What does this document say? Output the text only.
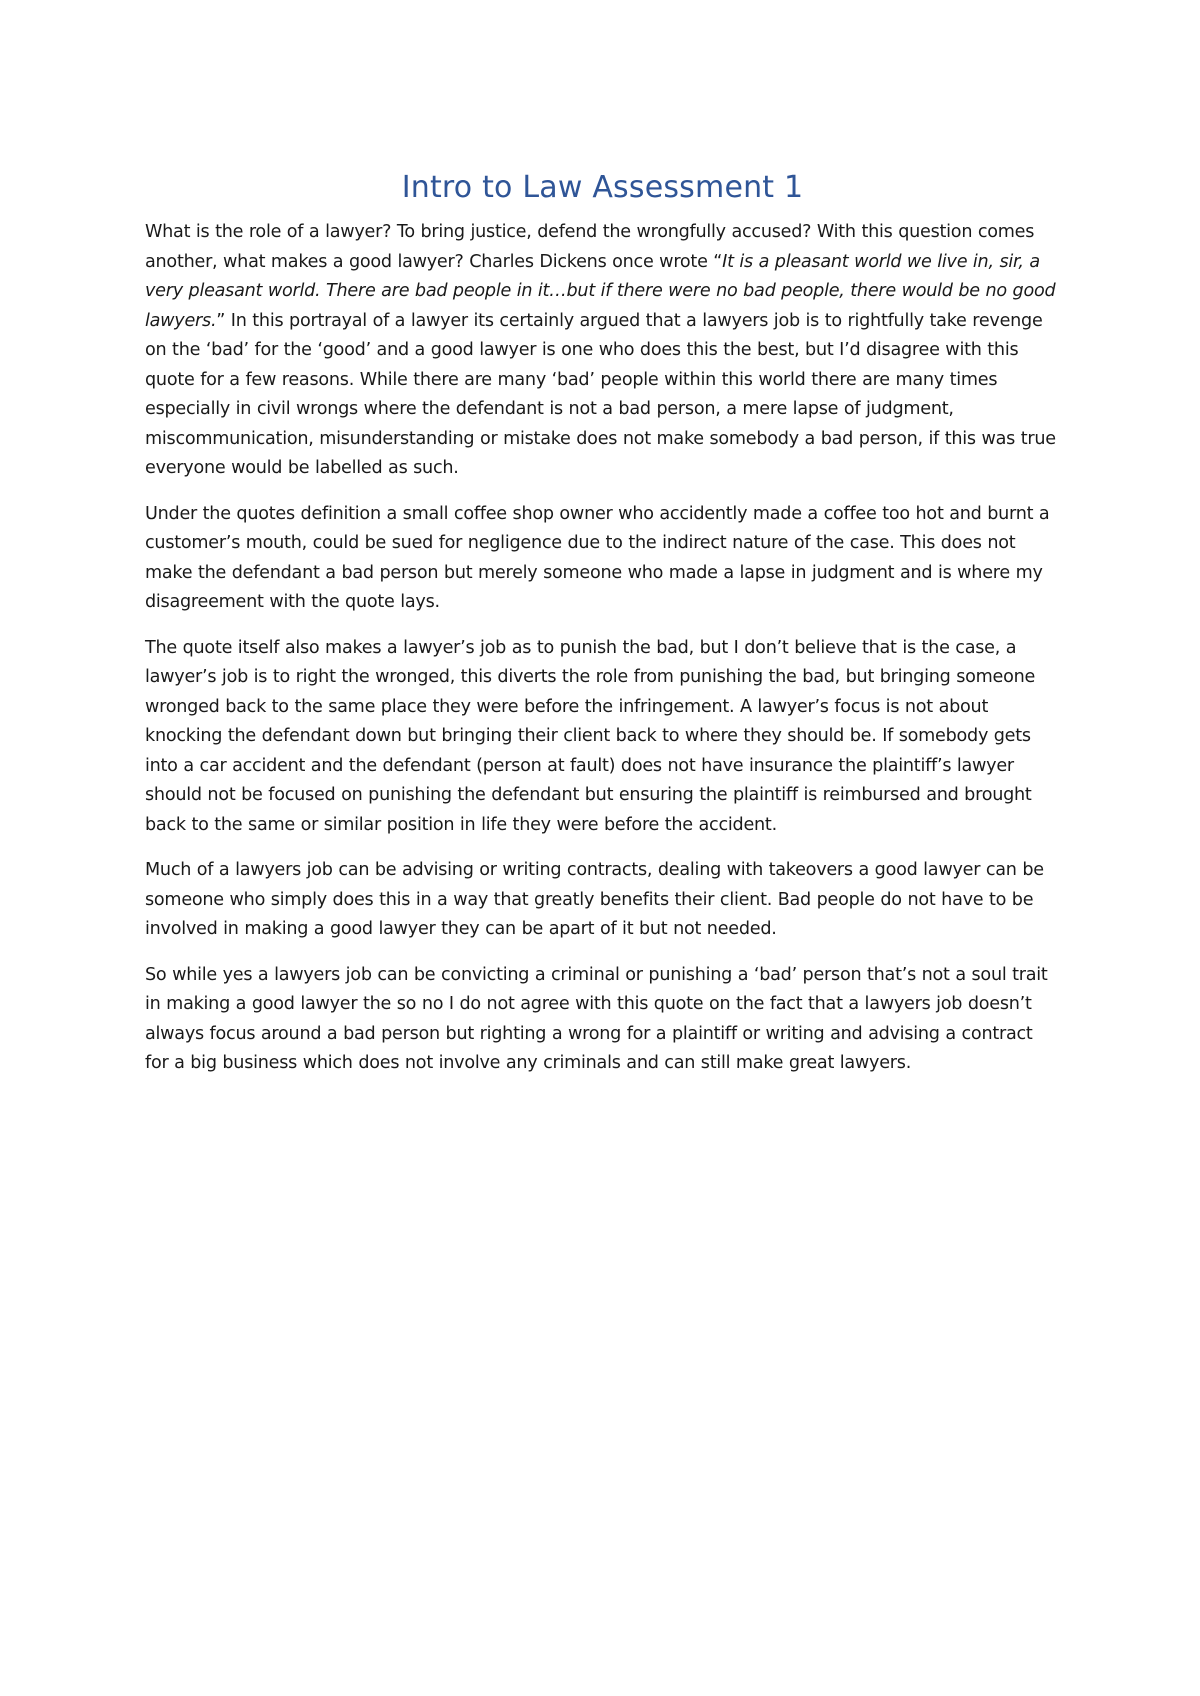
Intro to Law Assessment 1

What is the role of a lawyer? To bring justice, defend the wrongfully accused? With this question comes another, what makes a good lawyer? Charles Dickens once wrote “It is a pleasant world we live in, sir, a very pleasant world. There are bad people in it…but if there were no bad people, there would be no good lawyers.” In this portrayal of a lawyer its certainly argued that a lawyers job is to rightfully take revenge on the ‘bad’ for the ‘good’ and a good lawyer is one who does this the best, but I’d disagree with this quote for a few reasons. While there are many ‘bad’ people within this world there are many times especially in civil wrongs where the defendant is not a bad person, a mere lapse of judgment, miscommunication, misunderstanding or mistake does not make somebody a bad person, if this was true everyone would be labelled as such.

Under the quotes definition a small coffee shop owner who accidently made a coffee too hot and burnt a customer’s mouth, could be sued for negligence due to the indirect nature of the case. This does not make the defendant a bad person but merely someone who made a lapse in judgment and is where my disagreement with the quote lays.

The quote itself also makes a lawyer’s job as to punish the bad, but I don’t believe that is the case, a lawyer’s job is to right the wronged, this diverts the role from punishing the bad, but bringing someone wronged back to the same place they were before the infringement. A lawyer’s focus is not about knocking the defendant down but bringing their client back to where they should be. If somebody gets into a car accident and the defendant (person at fault) does not have insurance the plaintiff’s lawyer should not be focused on punishing the defendant but ensuring the plaintiff is reimbursed and brought back to the same or similar position in life they were before the accident.

Much of a lawyers job can be advising or writing contracts, dealing with takeovers a good lawyer can be someone who simply does this in a way that greatly benefits their client. Bad people do not have to be involved in making a good lawyer they can be apart of it but not needed.

So while yes a lawyers job can be convicting a criminal or punishing a ‘bad’ person that’s not a soul trait in making a good lawyer the so no I do not agree with this quote on the fact that a lawyers job doesn’t always focus around a bad person but righting a wrong for a plaintiff or writing and advising a contract for a big business which does not involve any criminals and can still make great lawyers.
